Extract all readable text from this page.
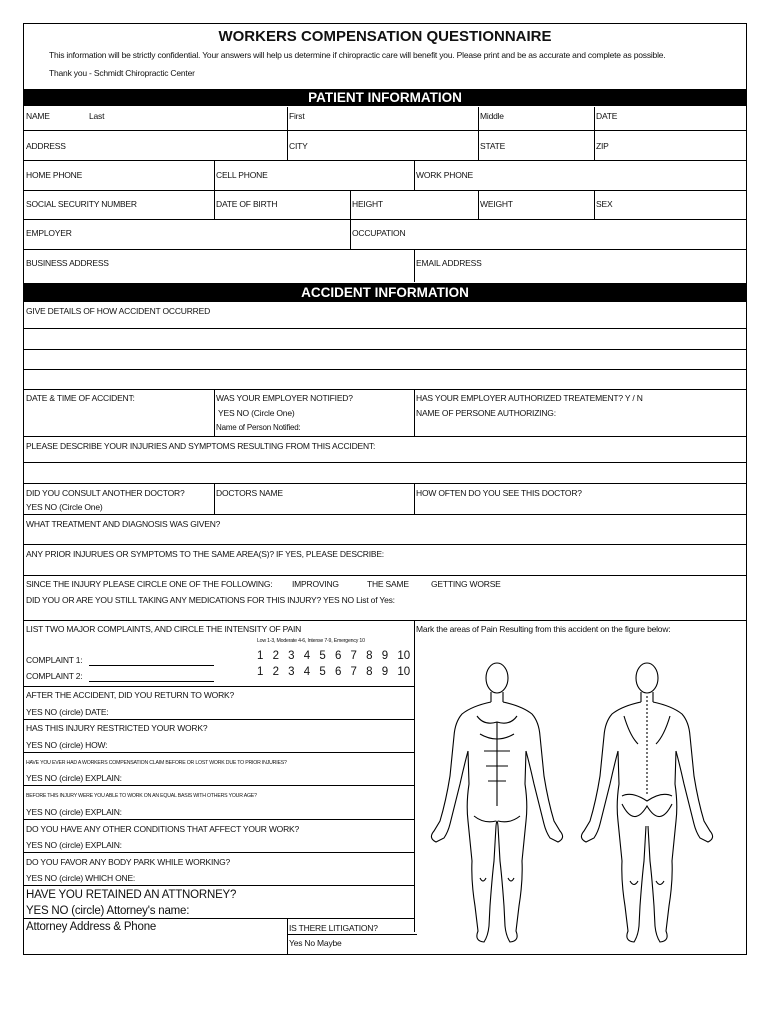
WORKERS COMPENSATION QUESTIONNAIRE
This information will be strictly confidential. Your answers will help us determine if chiropractic care will benefit you. Please print and be as accurate and complete as possible.
Thank you - Schmidt Chiropractic Center
PATIENT INFORMATION
NAME	Last	First	Middle	DATE
ADDRESS	CITY	STATE	ZIP
HOME PHONE	CELL PHONE	WORK PHONE
SOCIAL SECURITY NUMBER	DATE OF BIRTH	HEIGHT	WEIGHT	SEX
EMPLOYER	OCCUPATION
BUSINESS ADDRESS	EMAIL ADDRESS
ACCIDENT INFORMATION
GIVE DETAILS OF HOW ACCIDENT OCCURRED
DATE & TIME OF ACCIDENT:	WAS YOUR EMPLOYER NOTIFIED?
YES NO (Circle One)
Name of Person Notified:
HAS YOUR EMPLOYER AUTHORIZED TREATEMENT? Y / N
NAME OF PERSONE AUTHORIZING:
PLEASE DESCRIBE YOUR INJURIES AND SYMPTOMS RESULTING FROM THIS ACCIDENT:
DID YOU CONSULT ANOTHER DOCTOR?
YES NO (Circle One)
DOCTORS NAME	HOW OFTEN DO YOU SEE THIS DOCTOR?
WHAT TREATMENT AND DIAGNOSIS WAS GIVEN?
ANY PRIOR INJURUES OR SYMPTOMS TO THE SAME AREA(S)? IF YES, PLEASE DESCRIBE:
SINCE THE INJURY PLEASE CIRCLE ONE OF THE FOLLOWING: IMPROVING	THE SAME	GETTING WORSE
DID YOU OR ARE YOU STILL TAKING ANY MEDICATIONS FOR THIS INJURY? YES NO List of Yes:
LIST TWO MAJOR COMPLAINTS, AND CIRCLE THE INTENSITY OF PAIN
Low 1-3, Moderate 4-6, Intense 7-9, Emergency 10
Mark the areas of Pain Resulting from this accident on the figure below:
COMPLAINT 1:	1 2 3 4 5 6 7 8 9 10
COMPLAINT 2:	1 2 3 4 5 6 7 8 9 10
AFTER THE ACCIDENT, DID YOU RETURN TO WORK?
YES NO (circle) DATE:
HAS THIS INJURY RESTRICTED YOUR WORK?
YES NO (circle) HOW:
HAVE YOU EVER HAD A WORKERS COMPENSATION CLAIM BEFORE OR LOST WORK DUE TO PRIOR INJURIES?
YES NO (circle) EXPLAIN:
BEFORE THIS INJURY WERE YOU ABLE TO WORK ON AN EQUAL BASIS WITH OTHERS YOUR AGE?
YES NO (circle) EXPLAIN:
DO YOU HAVE ANY OTHER CONDITIONS THAT AFFECT YOUR WORK?
YES NO (circle) EXPLAIN:
DO YOU FAVOR ANY BODY PARK WHILE WORKING?
YES NO (circle) WHICH ONE:
HAVE YOU RETAINED AN ATTNORNEY?
YES NO (circle) Attorney's name:
Attorney Address & Phone	IS THERE LITIGATION?
Yes No Maybe
